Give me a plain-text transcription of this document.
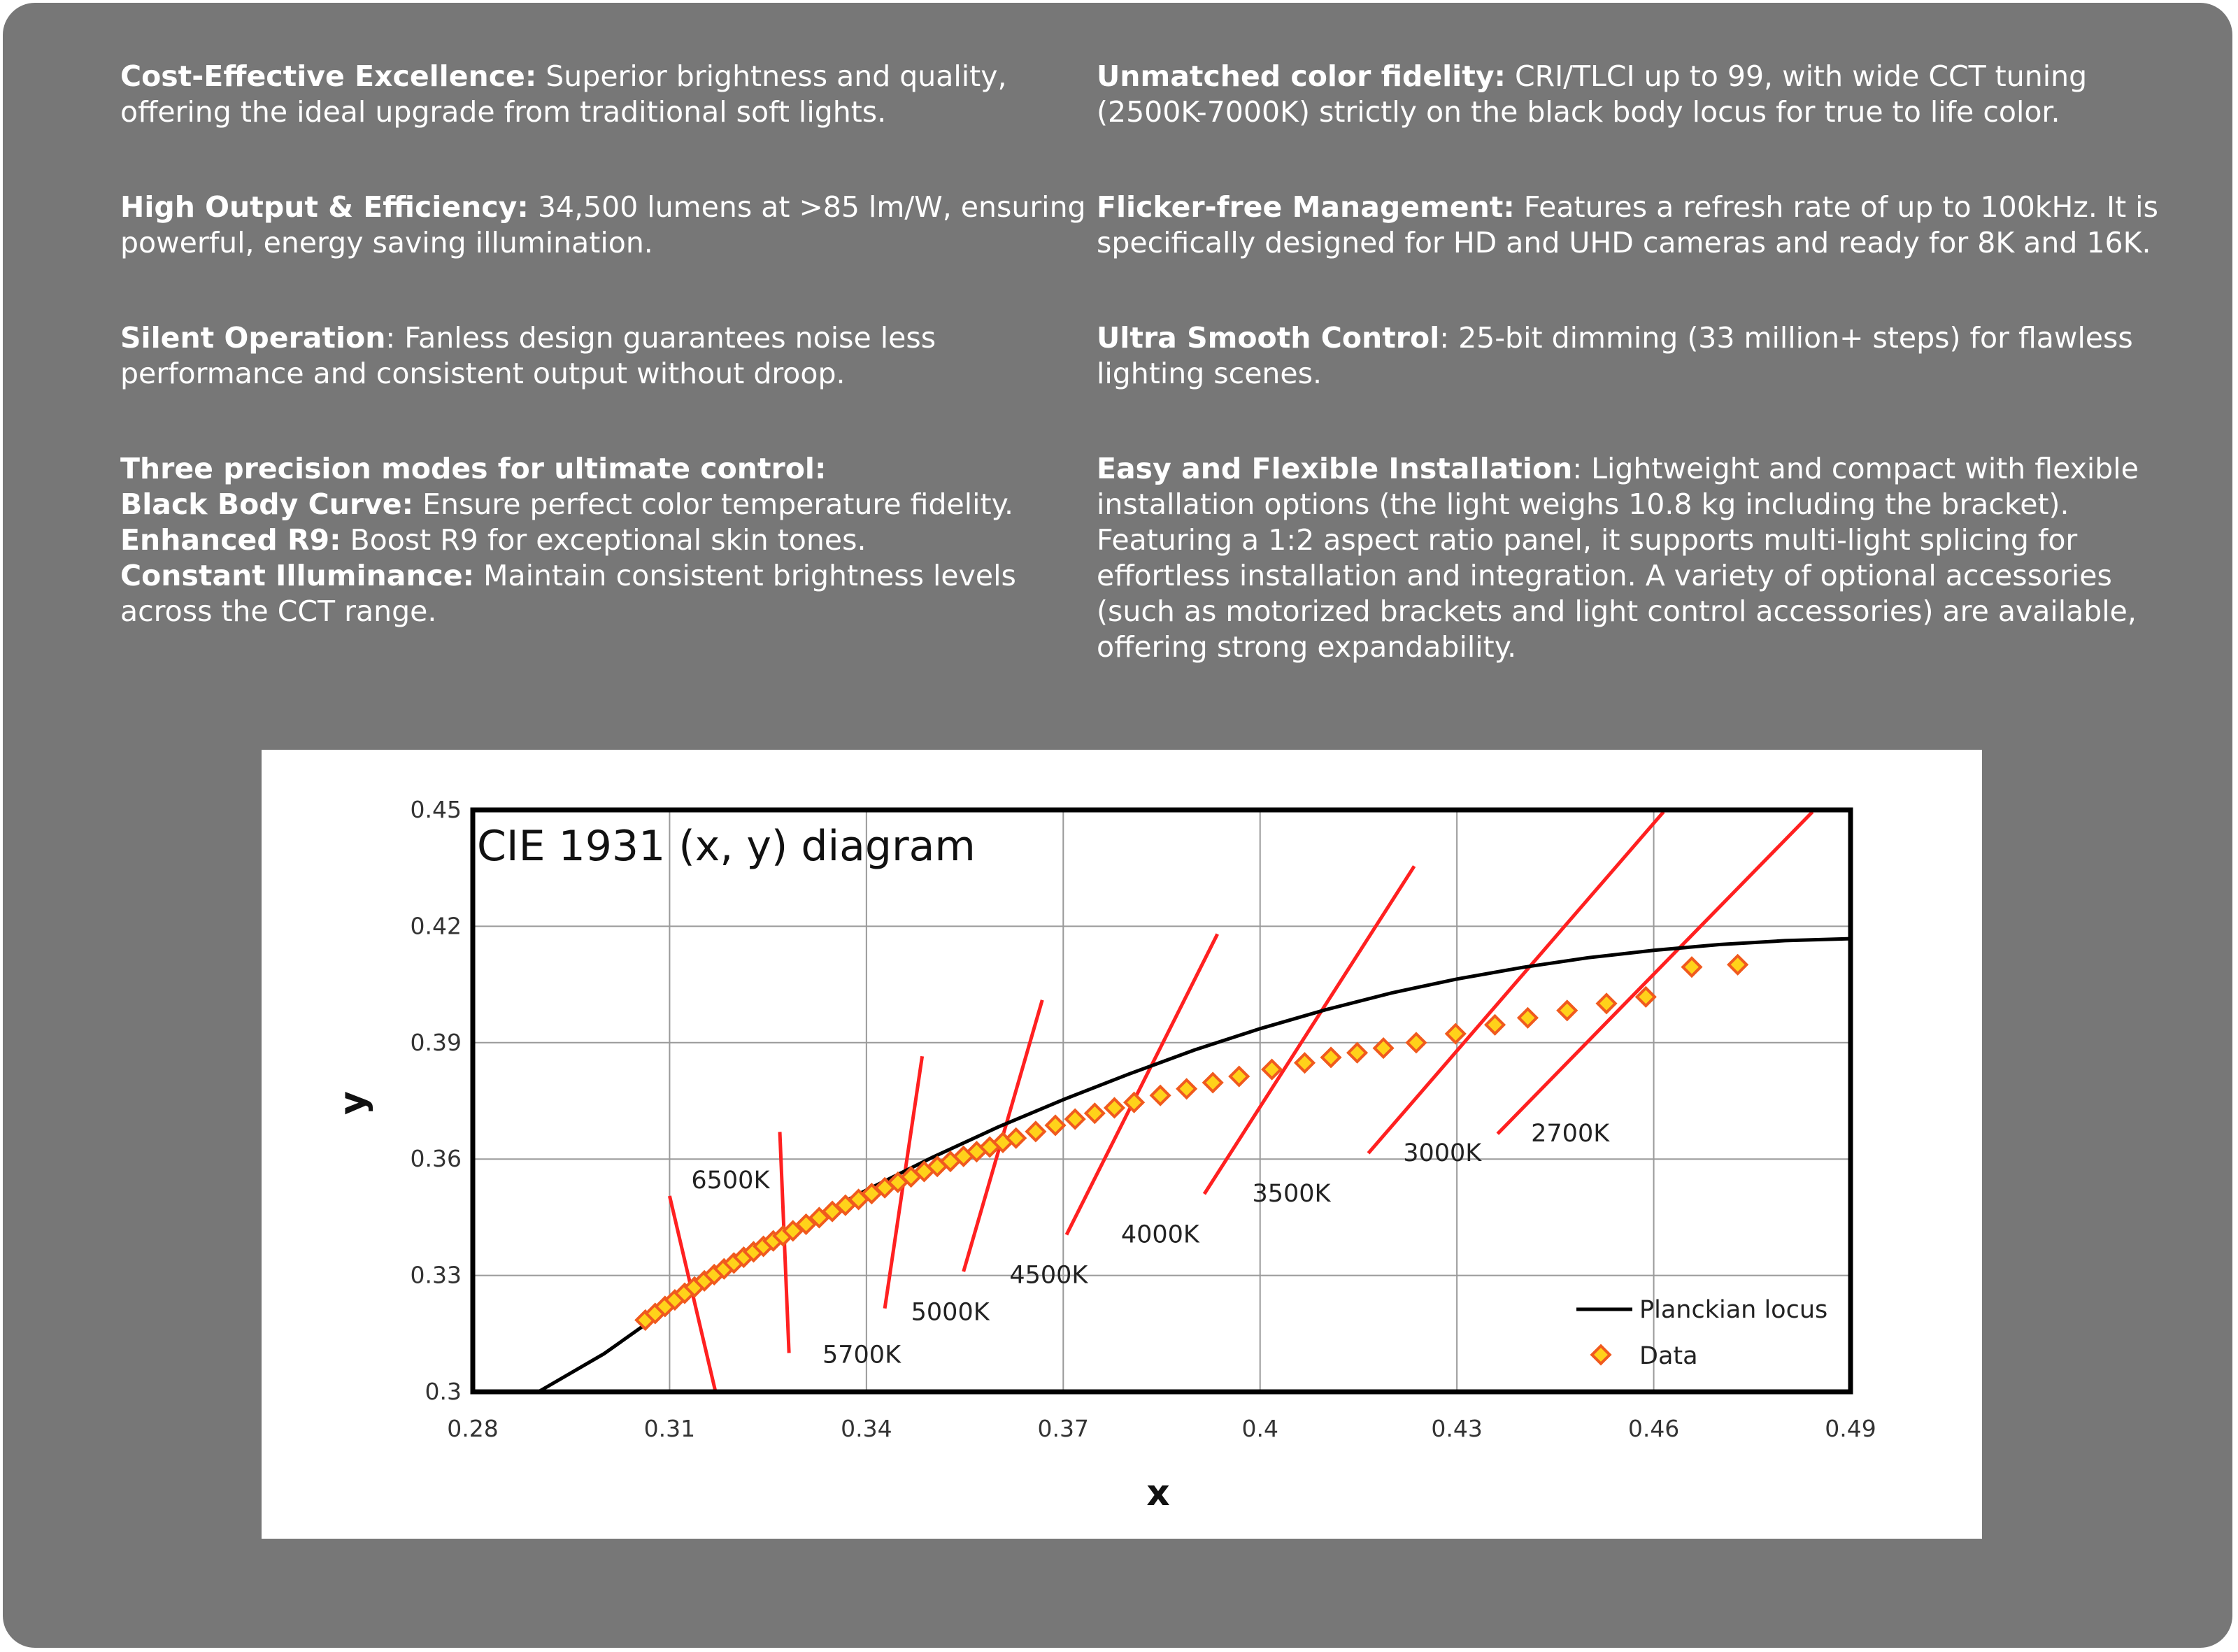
Cost-Effective Excellence: Superior brightness and quality, offering the ideal upgrade from traditional soft lights.
High Output & Efficiency: 34,500 lumens at >85 lm/W, ensuring powerful, energy saving illumination.
Silent Operation: Fanless design guarantees noise less performance and consistent output without droop.
Three precision modes for ultimate control:
Black Body Curve: Ensure perfect color temperature fidelity.
Enhanced R9: Boost R9 for exceptional skin tones.
Constant Illuminance: Maintain consistent brightness levels across the CCT range.
Unmatched color fidelity: CRI/TLCI up to 99, with wide CCT tuning (2500K-7000K) strictly on the black body locus for true to life color.
Flicker-free Management: Features a refresh rate of up to 100kHz. It is specifically designed for HD and UHD cameras and ready for 8K and 16K.
Ultra Smooth Control: 25-bit dimming (33 million+ steps) for flawless lighting scenes.
Easy and Flexible Installation: Lightweight and compact with flexible installation options (the light weighs 10.8 kg including the bracket). Featuring a 1:2 aspect ratio panel, it supports multi-light splicing for effortless installation and integration. A variety of optional accessories (such as motorized brackets and light control accessories) are available, offering strong expandability.
0.28	0.31	0.34	0.37	0.4	0.43	0.46	0.49
0.3
0.33
0.36
0.39
0.42
0.45
6500K
5700K
5000K
4500K
4000K
3500K
3000K
2700K
CIE 1931 (x, y) diagram
x
y
Planckian locus
Data
